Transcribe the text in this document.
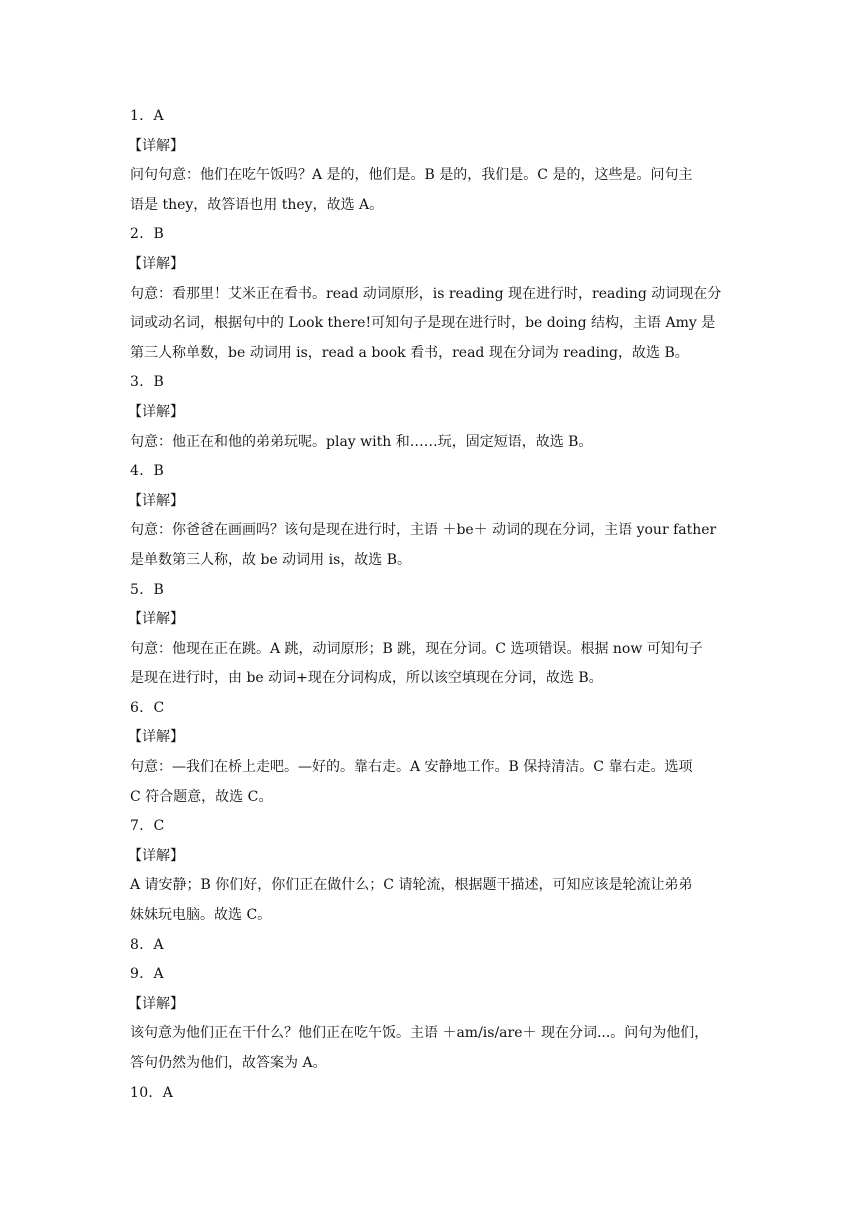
1．A
【详解】
问句句意：他们在吃午饭吗？A 是的，他们是。B 是的，我们是。C 是的，这些是。问句主
语是 they，故答语也用 they，故选 A。
2．B
【详解】
句意：看那里！艾米正在看书。read 动词原形，is reading 现在进行时，reading 动词现在分
词或动名词，根据句中的 Look there!可知句子是现在进行时，be doing 结构，主语 Amy 是
第三人称单数，be 动词用 is，read a book 看书，read 现在分词为 reading，故选 B。
3．B
【详解】
句意：他正在和他的弟弟玩呢。play with 和……玩，固定短语，故选 B。
4．B
【详解】
句意：你爸爸在画画吗？该句是现在进行时，主语 ＋be＋ 动词的现在分词，主语 your father
是单数第三人称，故 be 动词用 is，故选 B。
5．B
【详解】
句意：他现在正在跳。A 跳，动词原形；B 跳，现在分词。C 选项错误。根据 now 可知句子
是现在进行时，由 be 动词+现在分词构成，所以该空填现在分词，故选 B。
6．C
【详解】
句意：—我们在桥上走吧。—好的。靠右走。A 安静地工作。B 保持清洁。C 靠右走。选项
C 符合题意，故选 C。
7．C
【详解】
A 请安静；B 你们好，你们正在做什么；C 请轮流，根据题干描述，可知应该是轮流让弟弟
妹妹玩电脑。故选 C。
8．A
9．A
【详解】
该句意为他们正在干什么？他们正在吃午饭。主语 ＋am/is/are＋ 现在分词...。问句为他们，
答句仍然为他们，故答案为 A。
10．A
